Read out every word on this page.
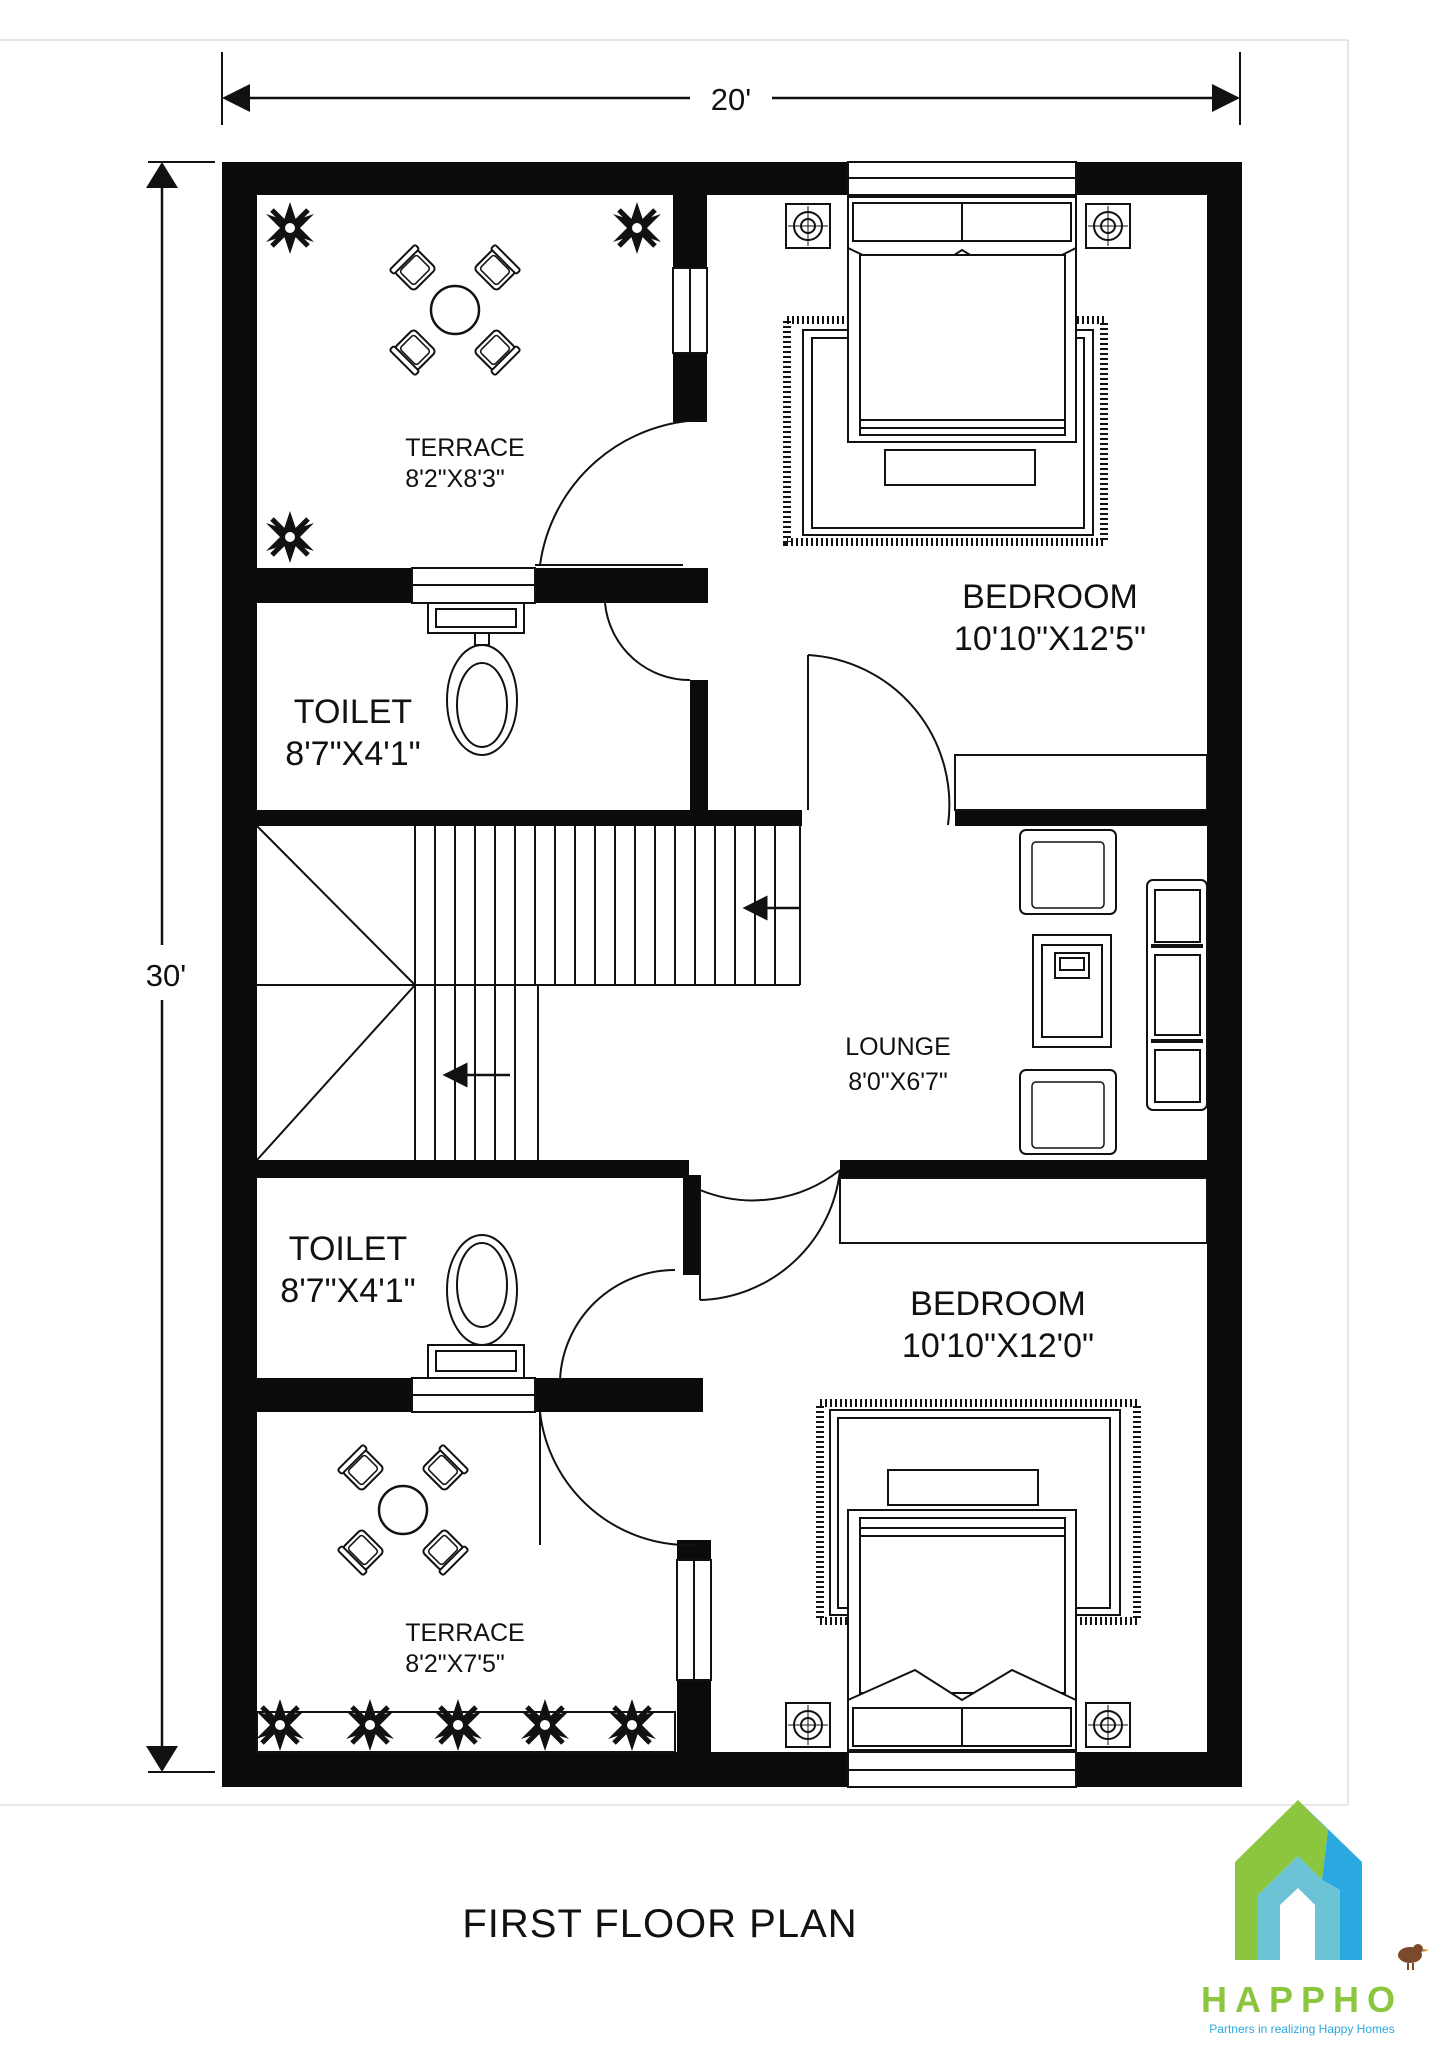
20'
30'
TERRACE
8'2"X8'3"
BEDROOM
10'10"X12'5"
TOILET
8'7"X4'1"
LOUNGE
8'0"X6'7"
TOILET
8'7"X4'1"	BEDROOM
10'10"X12'0"
TERRACE
8'2"X7'5"
FIRST FLOOR PLAN
HAPPHO
Partners in realizing Happy Homes
